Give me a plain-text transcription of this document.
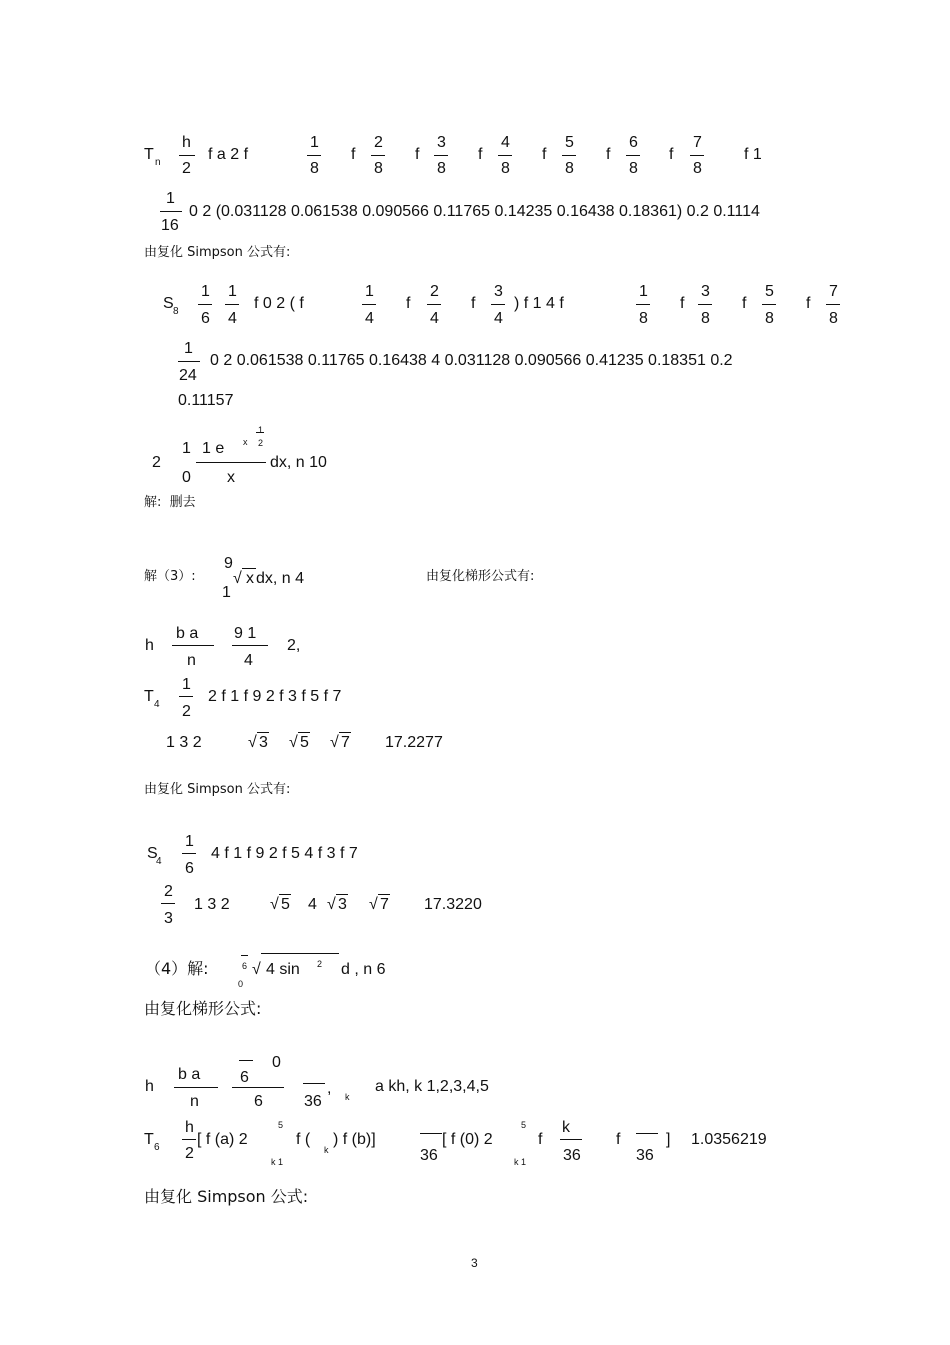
T n
h
2
f a 2 f
1
8
f
2
8
f
3
8
f
4
8
f
5
8
f
6
8
f
7
8
f 1
1
16
0 2 (0.031128 0.061538 0.090566 0.11765 0.14235 0.16438 0.18361) 0.2 0.1114
由复化 Simpson 公式有:
S 8
1
6
1
4
f 0 2 ( f
1
4
f
2
4
f
3
4
) f 1 4 f
1
8
f
3
8
f
5
8
f
7
8
1
24
0 2 0.061538 0.11765 0.16438 4 0.031128 0.090566 0.41235 0.18351 0.2
0.11157
2
1
0
1 e x
1
2
x
dx, n 10
解: 删去
解（3）:
9
1
√ x dx, n 4	由复化梯形公式有:
h
b a
n
9 1
4
2,
T 4
1
2
2 f 1 f 9 2 f 3 f 5 f 7
1 3 2	√ 3 √ 5 √ 7 17.2277
由复化 Simpson 公式有:
S
4
1
6
4 f 1 f 9 2 f 5 4 f 3 f 7
2
3
1 3 2	√ 5 4 √ 3 √ 7 17.3220
（4）解:	6
0
√ 4 sin 2 d , n 6
由复化梯形公式:
h
b a
n
6
0
6	36
, k
a kh, k 1,2,3,4,5
T 6
h
2
[ f (a) 2
5
k 1
f (
k
) f (b)]
36
[ f (0) 2
5
k 1
f
k
36
f
36
] 1.0356219
由复化 Simpson 公式:
3
